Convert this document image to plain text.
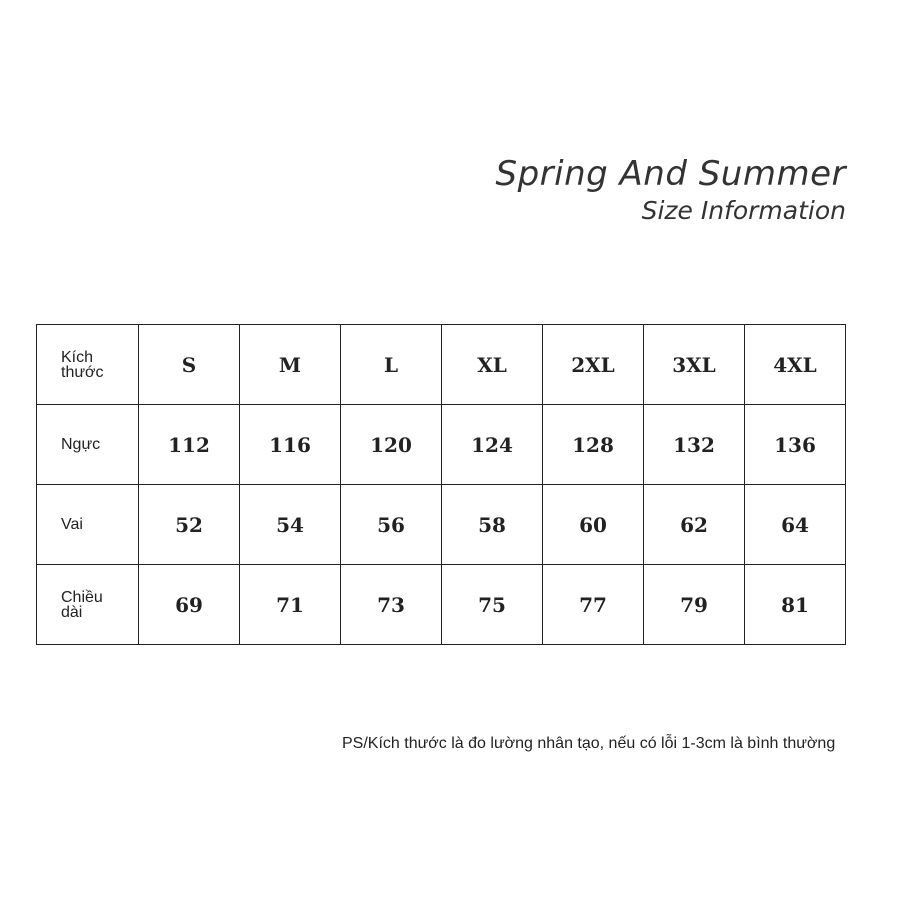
Spring And Summer
Size Information
Kích thước	S	M	L	XL	2XL	3XL	4XL
Ngực	112	116	120	124	128	132	136
Vai	52	54	56	58	60	62	64
Chiều dài	69	71	73	75	77	79	81
PS/Kích thước là đo lường nhân tạo, nếu có lỗi 1-3cm là bình thường
